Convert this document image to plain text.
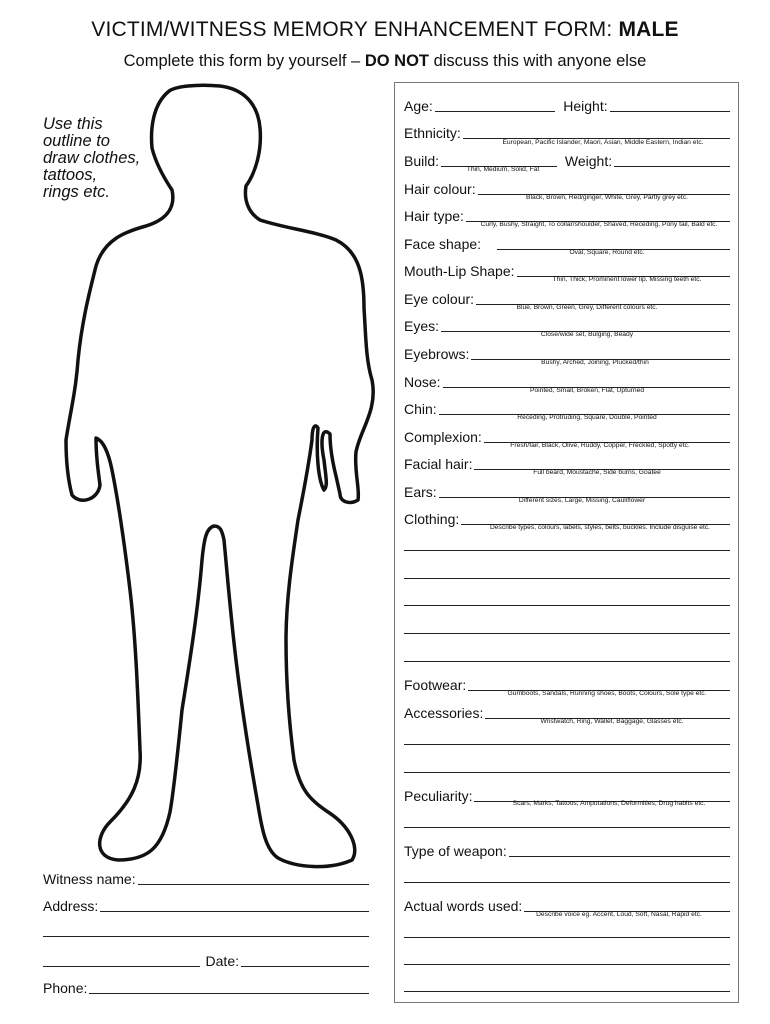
VICTIM/WITNESS MEMORY ENHANCEMENT FORM: MALE
Complete this form by yourself – DO NOT discuss this with anyone else
Use this
outline to
draw clothes,
tattoos,
rings etc.
Age:	Height:
Ethnicity:
European, Pacific Islander, Maori, Asian, Middle Eastern, Indian etc.
Build:	Weight:
Thin, Medium, Solid, Fat
Hair colour:
Black, Brown, Red/ginger, White, Grey, Partly grey etc.
Hair type:
Curly, Bushy, Straight, To collar/shoulder, Shaved, Receding, Pony tail, Bald etc.
Face shape:
Oval, Square, Round etc.
Mouth-Lip Shape:
Thin, Thick, Prominent lower lip, Missing teeth etc.
Eye colour:
Blue, Brown, Green, Grey, Different colours etc.
Eyes:
Close/wide set, Bulging, Beady
Eyebrows:
Bushy, Arched, Joining, Plucked/thin
Nose:
Pointed, Small, Broken, Flat, Upturned
Chin:
Receding, Protruding, Square, Double, Pointed
Complexion:
Fresh/fair, Black, Olive, Ruddy, Copper, Freckled, Spotty etc.
Facial hair:
Full beard, Moustache, Side burns, Goatee
Ears:
Different sizes, Large, Missing, Cauliflower
Clothing:
Describe types, colours, labels, styles, belts, buckles. Include disguise etc.
Footwear:
Gumboots, Sandals, Running shoes, Boots, Colours, Sole type etc.
Accessories:
Wristwatch, Ring, Wallet, Baggage, Glasses etc.
Peculiarity:	Scars, Marks, Tattoos, Amputations, Deformities, Drug habits etc.
Type of weapon:
Actual words used:
Describe voice eg. Accent, Loud, Soft, Nasal, Rapid etc.
Witness name:
Address:
Date:
Phone:
